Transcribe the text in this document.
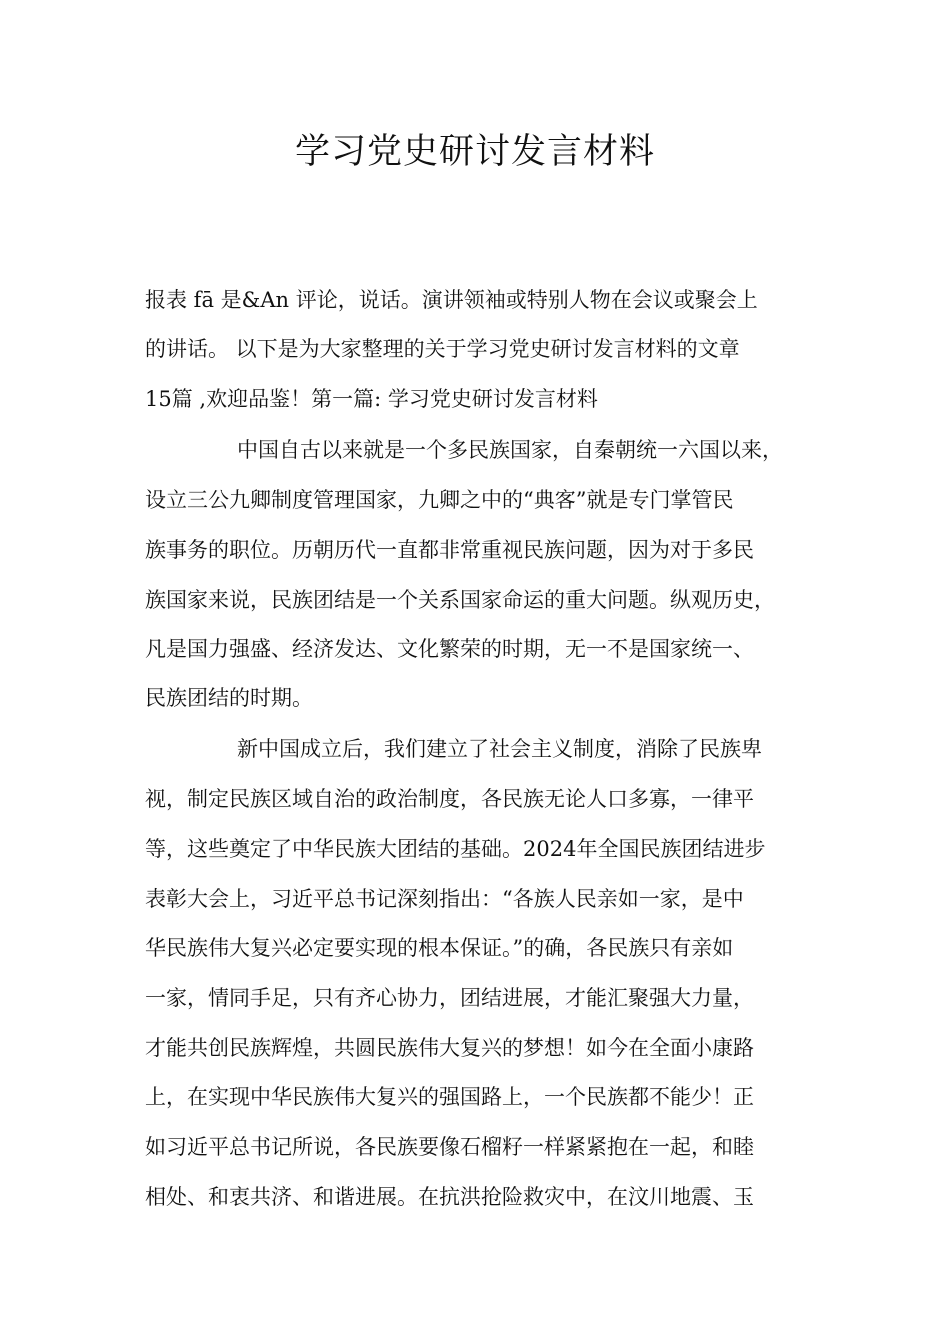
学习党史研讨发言材料
报表 fā 是&An 评论，说话。演讲领袖或特别人物在会议或聚会上
的讲话。 以下是为大家整理的关于学习党史研讨发言材料的文章
15篇 ,欢迎品鉴！第一篇: 学习党史研讨发言材料
中国自古以来就是一个多民族国家，自秦朝统一六国以来，
设立三公九卿制度管理国家，九卿之中的“典客”就是专门掌管民
族事务的职位。历朝历代一直都非常重视民族问题，因为对于多民
族国家来说，民族团结是一个关系国家命运的重大问题。纵观历史，
凡是国力强盛、经济发达、文化繁荣的时期，无一不是国家统一、
民族团结的时期。
新中国成立后，我们建立了社会主义制度，消除了民族卑
视，制定民族区域自治的政治制度，各民族无论人口多寡，一律平
等，这些奠定了中华民族大团结的基础。2024年全国民族团结进步
表彰大会上，习近平总书记深刻指出：“各族人民亲如一家，是中
华民族伟大复兴必定要实现的根本保证。”的确，各民族只有亲如
一家，情同手足，只有齐心协力，团结进展，才能汇聚强大力量，
才能共创民族辉煌，共圆民族伟大复兴的梦想！如今在全面小康路
上，在实现中华民族伟大复兴的强国路上，一个民族都不能少！正
如习近平总书记所说，各民族要像石榴籽一样紧紧抱在一起，和睦
相处、和衷共济、和谐进展。在抗洪抢险救灾中，在汶川地震、玉
